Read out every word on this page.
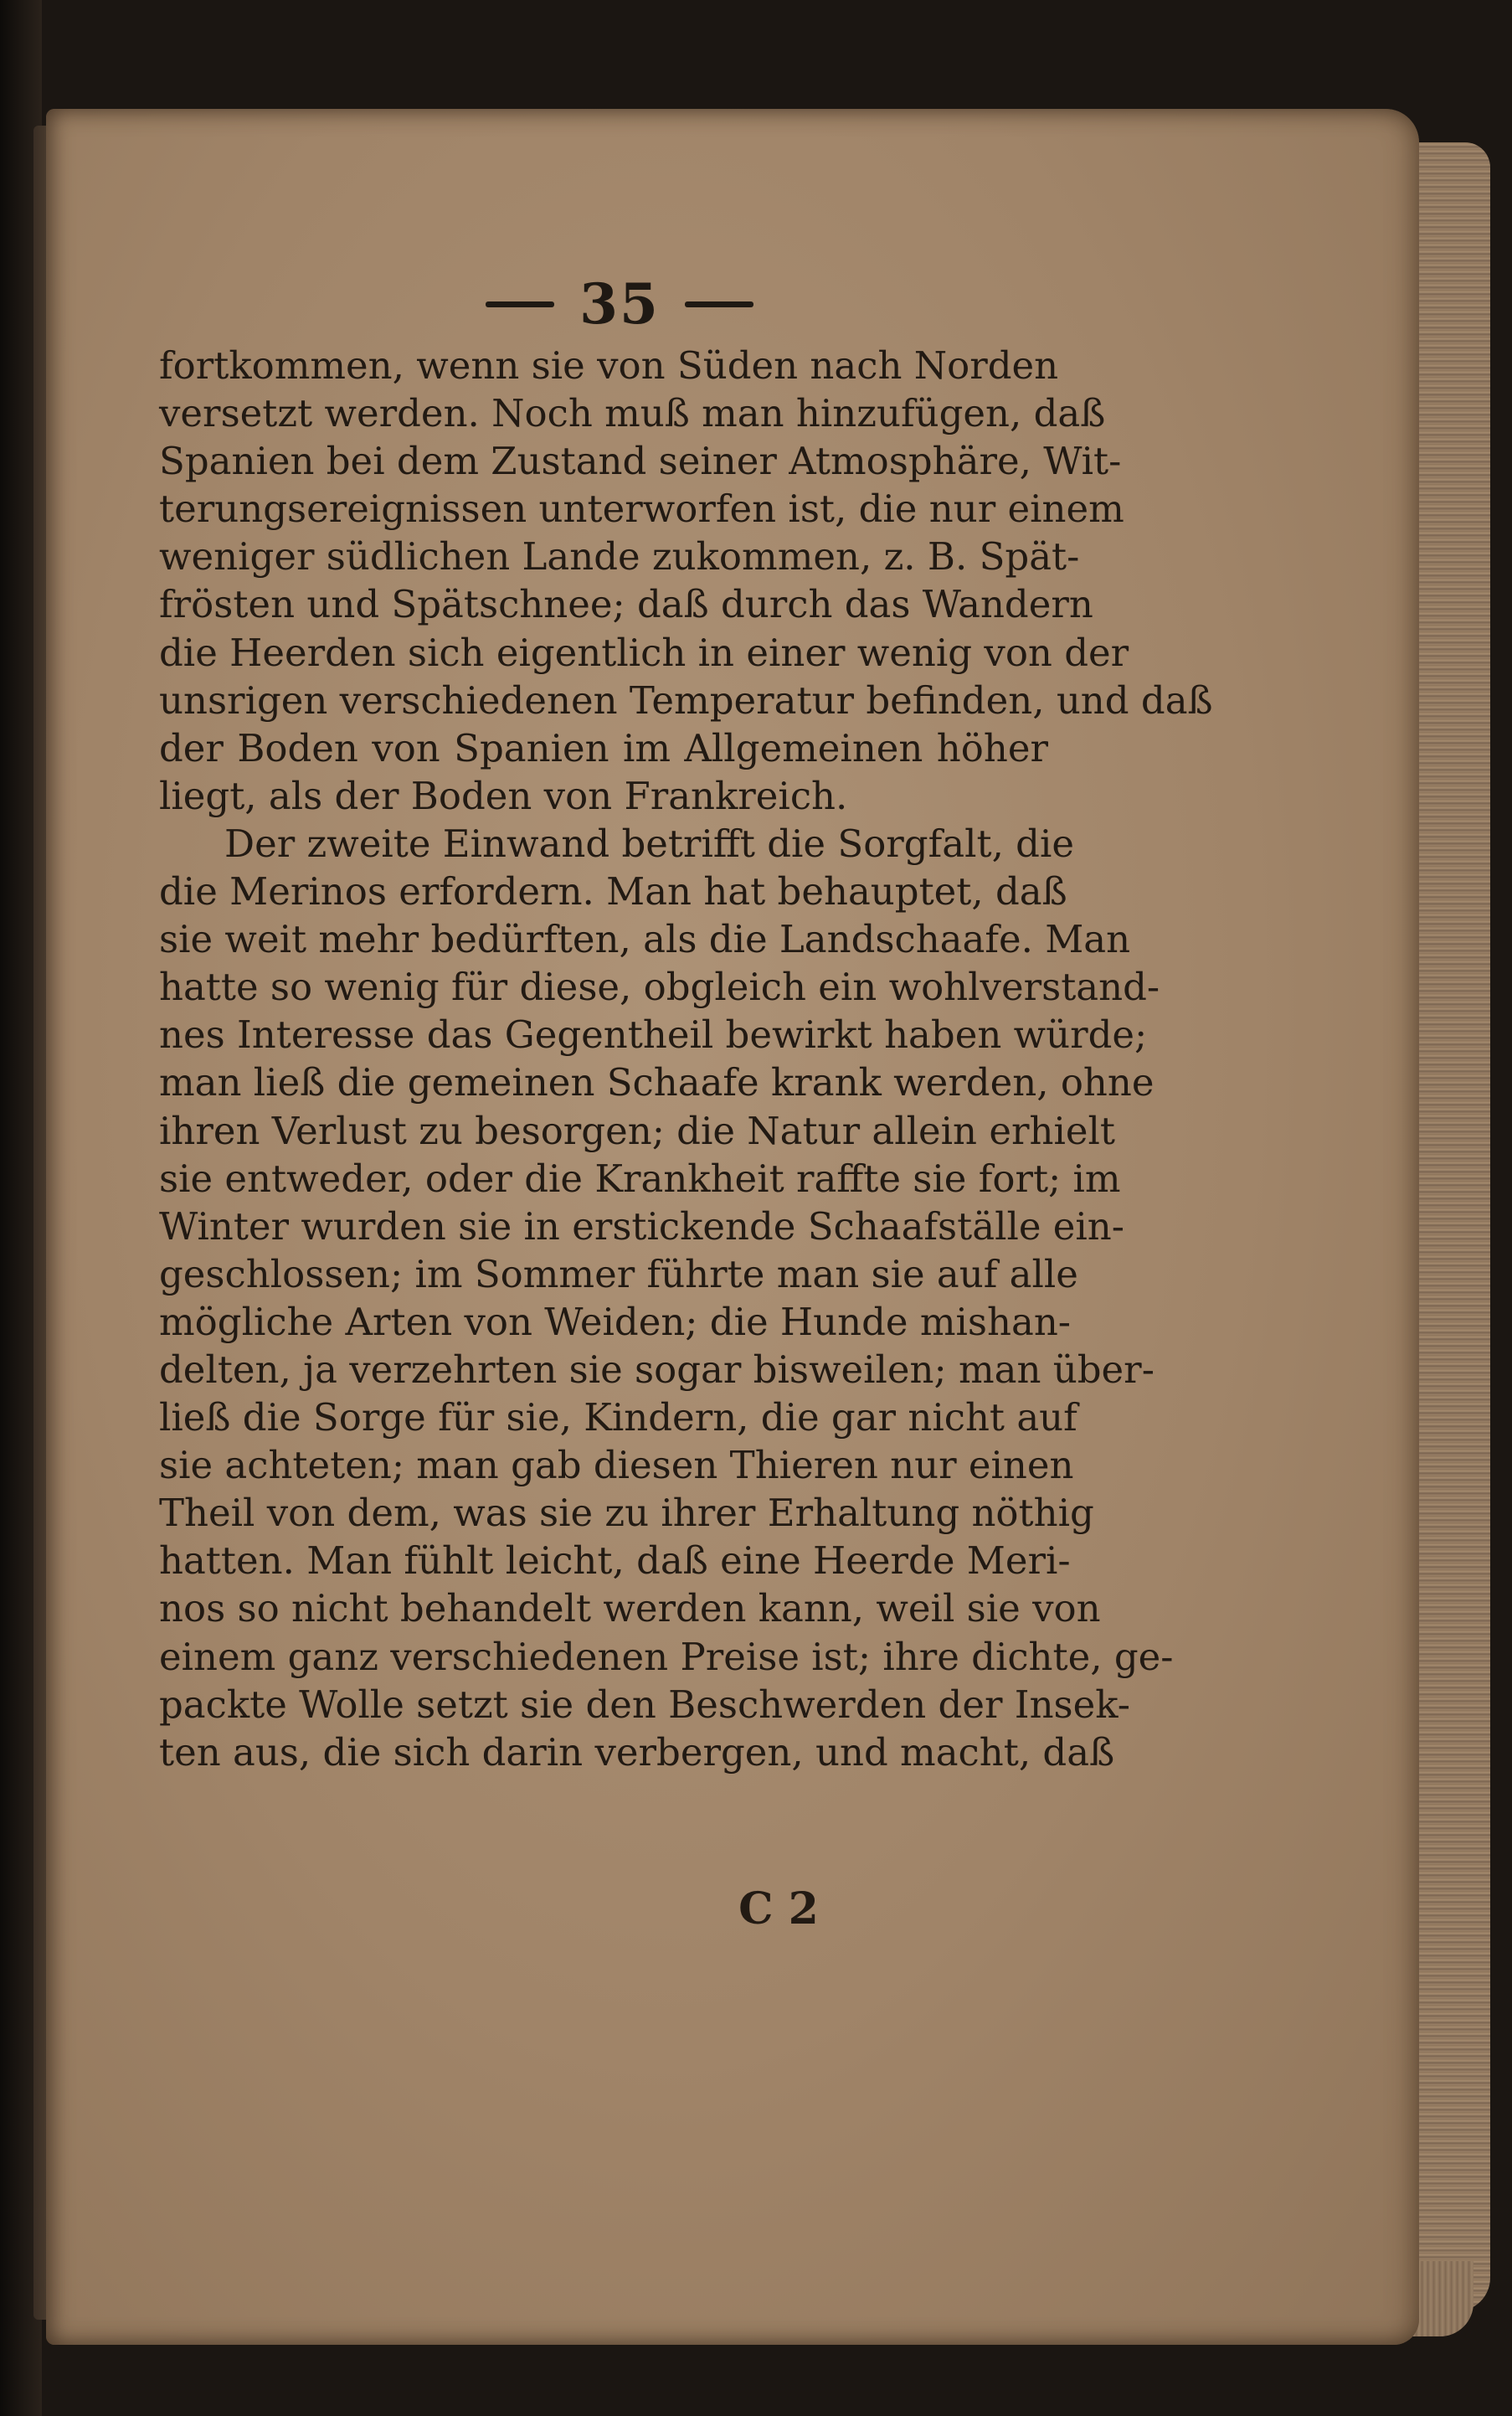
35
fortkommen, wenn sie von Süden nach Norden
versetzt werden. Noch muß man hinzufügen, daß
Spanien bei dem Zustand seiner Atmosphäre, Wit-
terungsereignissen unterworfen ist, die nur einem
weniger südlichen Lande zukommen, z. B. Spät-
frösten und Spätschnee; daß durch das Wandern
die Heerden sich eigentlich in einer wenig von der
unsrigen verschiedenen Temperatur befinden, und daß
der Boden von Spanien im Allgemeinen höher
liegt, als der Boden von Frankreich.
Der zweite Einwand betrifft die Sorgfalt, die
die Merinos erfordern. Man hat behauptet, daß
sie weit mehr bedürften, als die Landschaafe. Man
hatte so wenig für diese, obgleich ein wohlverstand-
nes Interesse das Gegentheil bewirkt haben würde;
man ließ die gemeinen Schaafe krank werden, ohne
ihren Verlust zu besorgen; die Natur allein erhielt
sie entweder, oder die Krankheit raffte sie fort; im
Winter wurden sie in erstickende Schaafställe ein-
geschlossen; im Sommer führte man sie auf alle
mögliche Arten von Weiden; die Hunde mishan-
delten, ja verzehrten sie sogar bisweilen; man über-
ließ die Sorge für sie, Kindern, die gar nicht auf
sie achteten; man gab diesen Thieren nur einen
Theil von dem, was sie zu ihrer Erhaltung nöthig
hatten. Man fühlt leicht, daß eine Heerde Meri-
nos so nicht behandelt werden kann, weil sie von
einem ganz verschiedenen Preise ist; ihre dichte, ge-
packte Wolle setzt sie den Beschwerden der Insek-
ten aus, die sich darin verbergen, und macht, daß
C 2
